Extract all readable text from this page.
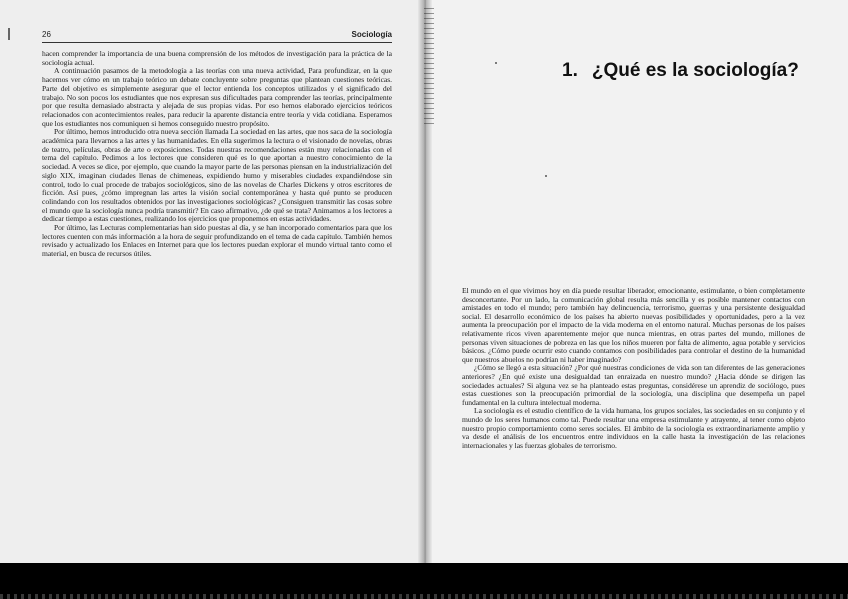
26	Sociología

hacen comprender la importancia de una buena comprensión de los métodos de investigación para la práctica de la sociología actual.

A continuación pasamos de la metodología a las teorías con una nueva actividad, Para profundizar, en la que hacemos ver cómo en un trabajo teórico un debate concluyente sobre preguntas que plantean cuestiones teóricas. Parte del objetivo es simplemente asegurar que el lector entienda los conceptos utilizados y el significado del trabajo. No son pocos los estudiantes que nos expresan sus dificultades para comprender las teorías, principalmente por que resulta demasiado abstracta y alejada de sus propias vidas. Por eso hemos elaborado ejercicios teóricos relacionados con acontecimientos reales, para reducir la aparente distancia entre teoría y vida cotidiana. Esperamos que los estudiantes nos comuniquen si hemos conseguido nuestro propósito.

Por último, hemos introducido otra nueva sección llamada La sociedad en las artes, que nos saca de la sociología académica para llevarnos a las artes y las humanidades. En ella sugerimos la lectura o el visionado de novelas, obras de teatro, películas, obras de arte o exposiciones. Todas nuestras recomendaciones están muy relacionadas con el tema del capítulo. Pedimos a los lectores que consideren qué es lo que aportan a nuestro conocimiento de la sociedad. A veces se dice, por ejemplo, que cuando la mayor parte de las personas piensan en la industrialización del siglo XIX, imaginan ciudades llenas de chimeneas, expidiendo humo y miserables ciudades expandiéndose sin control, todo lo cual procede de trabajos sociológicos, sino de las novelas de Charles Dickens y otros escritores de ficción. Así pues, ¿cómo impregnan las artes la visión social contemporánea y hasta qué punto se producen colindando con los resultados obtenidos por las investigaciones sociológicas? ¿Consiguen transmitir las cosas sobre el mundo que la sociología nunca podría transmitir? En caso afirmativo, ¿de qué se trata? Animamos a los lectores a dedicar tiempo a estas cuestiones, realizando los ejercicios que proponemos en estas actividades.

Por último, las Lecturas complementarias han sido puestas al día, y se han incorporado comentarios para que los lectores cuenten con más información a la hora de seguir profundizando en el tema de cada capítulo. También hemos revisado y actualizado los Enlaces en Internet para que los lectores puedan explorar el mundo virtual tanto como el material, en busca de recursos útiles.

1. ¿Qué es la sociología?

El mundo en el que vivimos hoy en día puede resultar liberador, emocionante, estimulante, o bien completamente desconcertante. Por un lado, la comunicación global resulta más sencilla y es posible mantener contactos con amistades en todo el mundo; pero también hay delincuencia, terrorismo, guerras y una persistente desigualdad social. El desarrollo económico de los países ha abierto nuevas posibilidades y oportunidades, pero a la vez aumenta la preocupación por el impacto de la vida moderna en el entorno natural. Muchas personas de los países relativamente ricos viven aparentemente mejor que nunca mientras, en otras partes del mundo, millones de personas viven situaciones de pobreza en las que los niños mueren por falta de alimento, agua potable y servicios básicos. ¿Cómo puede ocurrir esto cuando contamos con posibilidades para controlar el destino de la humanidad que nuestros abuelos no podrían ni haber imaginado?

¿Cómo se llegó a esta situación? ¿Por qué nuestras condiciones de vida son tan diferentes de las generaciones anteriores? ¿En qué existe una desigualdad tan enraizada en nuestro mundo? ¿Hacia dónde se dirigen las sociedades actuales? Si alguna vez se ha planteado estas preguntas, considérese un aprendiz de sociólogo, pues estas cuestiones son la preocupación primordial de la sociología, una disciplina que desempeña un papel fundamental en la cultura intelectual moderna.

La sociología es el estudio científico de la vida humana, los grupos sociales, las sociedades en su conjunto y el mundo de los seres humanos como tal. Puede resultar una empresa estimulante y atrayente, al tener como objeto nuestro propio comportamiento como seres sociales. El ámbito de la sociología es extraordinariamente amplio y va desde el análisis de los encuentros entre individuos en la calle hasta la investigación de las relaciones internacionales y las fuerzas globales de terrorismo.
